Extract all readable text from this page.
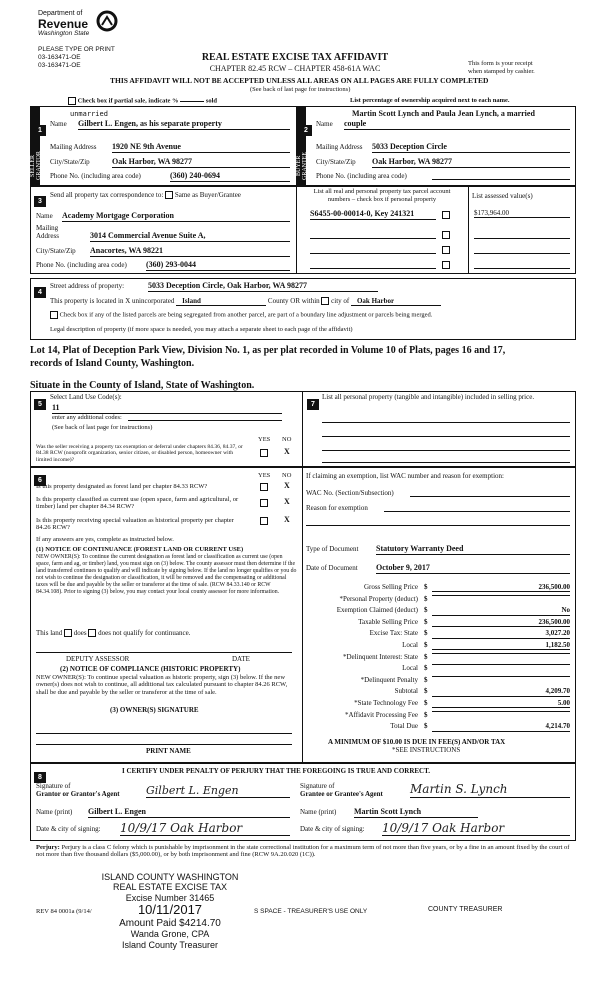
Department of
Revenue
Washington State
PLEASE TYPE OR PRINT
03-163471-OE
03-163471-OE
REAL ESTATE EXCISE TAX AFFIDAVIT
CHAPTER 82.45 RCW – CHAPTER 458-61A WAC
This form is your receipt
when stamped by cashier.
THIS AFFIDAVIT WILL NOT BE ACCEPTED UNLESS ALL AREAS ON ALL PAGES ARE FULLY COMPLETED
(See back of last page for instructions)
Check box if partial sale, indicate %	sold	List percentage of ownership acquired next to each name.
SELLER GRANTOR
1
unmarried
Name Gilbert L. Engen, as his separate property
Mailing Address 1920 NE 9th Avenue
City/State/Zip	Oak Harbor, WA 98277
Phone No. (including area code)	(360) 240-0694	BUYER GRANTEE
2
Martin Scott Lynch and Paula Jean Lynch, a married
Name couple
Mailing Address 5033 Deception Circle
City/State/Zip Oak Harbor, WA 98277
Phone No. (including area code)
3
Send all property tax correspondence to: Same as Buyer/Grantee
Name Academy Mortgage Corporation
Mailing
Address	3014 Commercial Avenue Suite A,
City/State/Zip Anacortes, WA 98221
Phone No. (including area code) (360) 293-0044
List all real and personal property tax parcel account
numbers – check box if personal property	List assessed value(s)
S6455-00-00014-0, Key 241321	$173,964.00
4
Street address of property:	5033 Deception Circle, Oak Harbor, WA 98277
This property is located in X unincorporated Island	County OR within city of Oak Harbor
Check box if any of the listed parcels are being segregated from another parcel, are part of a boundary line adjustment or parcels being merged.
Legal description of property (if more space is needed, you may attach a separate sheet to each page of the affidavit)
Lot 14, Plat of Deception Park View, Division No. 1, as per plat recorded in Volume 10 of Plats, pages 16 and 17,
records of Island County, Washington.
Situate in the County of Island, State of Washington.
5
Select Land Use Code(s):
11
enter any additional codes:
(See back of last page for instructions)
YES NO
Was the seller receiving a property tax exemption or deferral under chapters 84.36, 84.37, or 84.38 RCW (nonprofit organization, senior citizen, or disabled person, homeowner with limited income)?
X
7
List all personal property (tangible and intangible) included in selling price.
6
YES NO
Is this property designated as forest land per chapter 84.33 RCW?	X
Is this property classified as current use (open space, farm and agricultural, or timber) land per chapter 84.34 RCW?
X
Is this property receiving special valuation as historical property per chapter 84.26 RCW?
X
If any answers are yes, complete as instructed below.
(1) NOTICE OF CONTINUANCE (FOREST LAND OR CURRENT USE)
NEW OWNER(S): To continue the current designation as forest land or classification as current use (open space, farm and ag, or timber) land, you must sign on (3) below. The county assessor must then determine if the land transferred continues to qualify and will indicate by signing below. If the land no longer qualifies or you do not wish to continue the designation or classification, it will be removed and the compensating or additional taxes will be due and payable by the seller or transferor at the time of sale. (RCW 84.33.140 or RCW 84.34.108). Prior to signing (3) below, you may contact your local county assessor for more information.
This land does does not qualify for continuance.
DEPUTY ASSESSOR	DATE
(2) NOTICE OF COMPLIANCE (HISTORIC PROPERTY)
NEW OWNER(S): To continue special valuation as historic property, sign (3) below. If the new owner(s) does not wish to continue, all additional tax calculated pursuant to chapter 84.26 RCW, shall be due and payable by the seller or transferor at the time of sale.
(3) OWNER(S) SIGNATURE
PRINT NAME
If claiming an exemption, list WAC number and reason for exemption:
WAC No. (Section/Subsection)
Reason for exemption
Type of Document Statutory Warranty Deed
Date of Document October 9, 2017
Gross Selling Price $	236,500.00
*Personal Property (deduct) $
Exemption Claimed (deduct) $	No
Taxable Selling Price $	236,500.00
Excise Tax: State $	3,027.20
Local $	1,182.50
*Delinquent Interest: State $
Local $
*Delinquent Penalty $
Subtotal $	4,209.70
*State Technology Fee $	5.00
*Affidavit Processing Fee $
Total Due $	4,214.70
A MINIMUM OF $10.00 IS DUE IN FEE(S) AND/OR TAX
*SEE INSTRUCTIONS
8
I CERTIFY UNDER PENALTY OF PERJURY THAT THE FOREGOING IS TRUE AND CORRECT.
Signature of
Grantor or Grantor's Agent Gilbert L. Engen
Name (print) Gilbert L. Engen
Date & city of signing: 10/9/17 Oak Harbor
Signature of
Grantee or Grantee's Agent Martin S. Lynch
Name (print) Martin Scott Lynch
Date & city of signing: 10/9/17 Oak Harbor
Perjury: Perjury is a class C felony which is punishable by imprisonment in the state correctional institution for a maximum term of not more than five years, or by a fine in an amount fixed by the court of not more than five thousand dollars ($5,000.00), or by both imprisonment and fine (RCW 9A.20.020 (1C)).
ISLAND COUNTY WASHINGTON
REAL ESTATE EXCISE TAX
Excise Number 31465
10/11/2017
Amount Paid $4214.70
Wanda Grone, CPA
Island County Treasurer
REV 84 0001a (9/14/	S SPACE - TREASURER'S USE ONLY	COUNTY TREASURER
